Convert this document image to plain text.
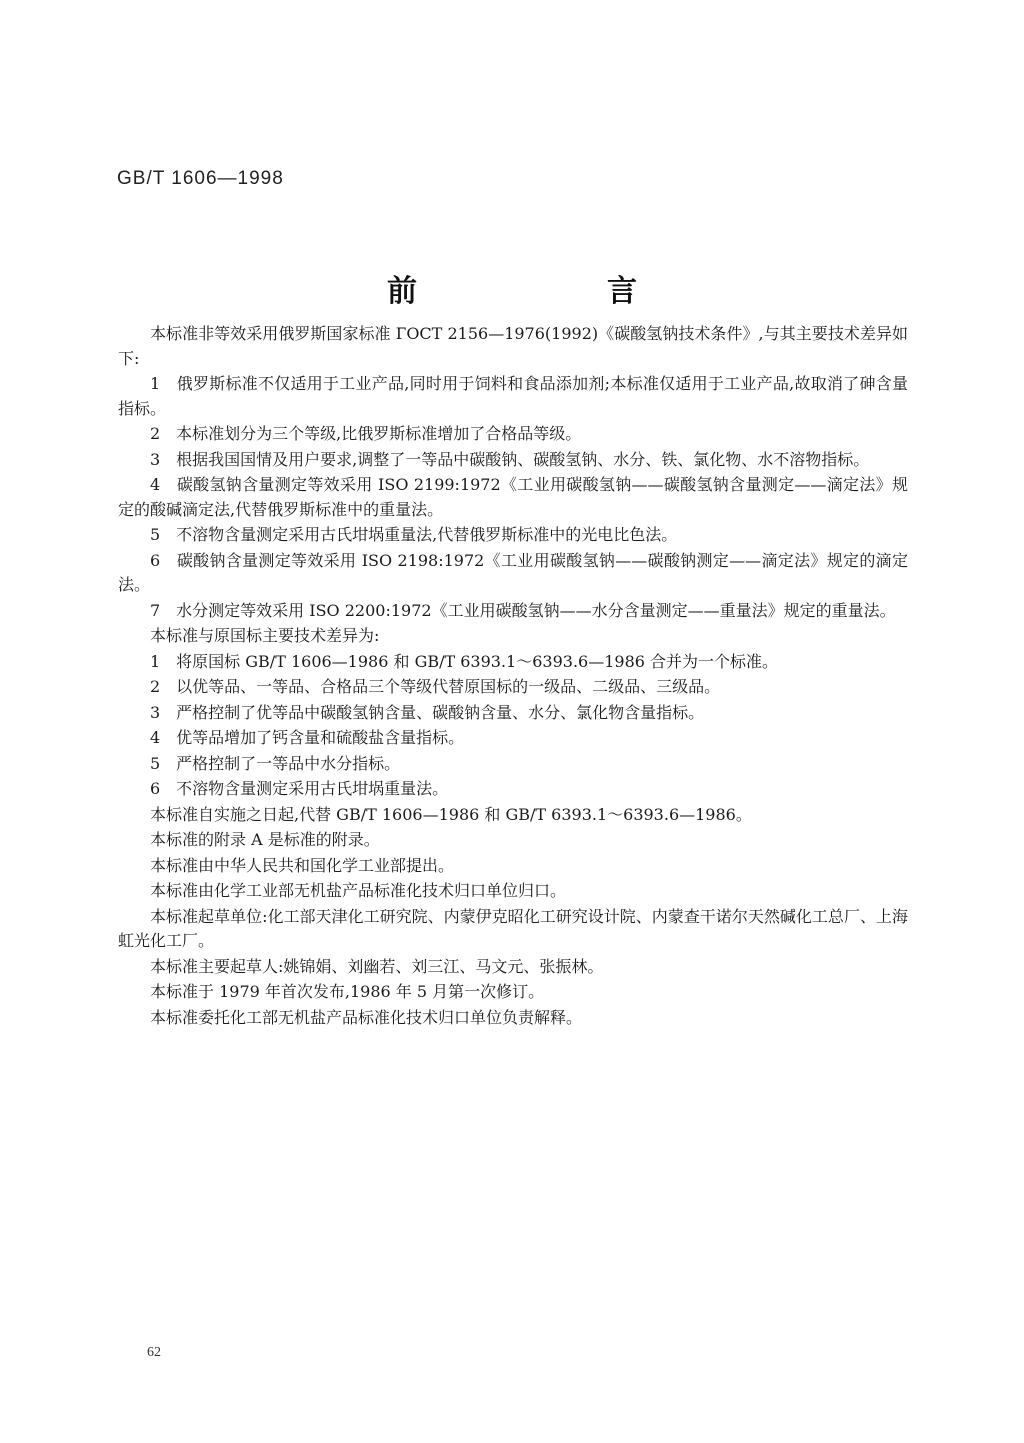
GB/T 1606—1998
前　言

本标准非等效采用俄罗斯国家标准 ГОСТ 2156—1976(1992)《碳酸氢钠技术条件》,与其主要技术差异如下:

1　俄罗斯标准不仅适用于工业产品,同时用于饲料和食品添加剂;本标准仅适用于工业产品,故取消了砷含量指标。

2　本标准划分为三个等级,比俄罗斯标准增加了合格品等级。

3　根据我国国情及用户要求,调整了一等品中碳酸钠、碳酸氢钠、水分、铁、氯化物、水不溶物指标。

4　碳酸氢钠含量测定等效采用 ISO 2199:1972《工业用碳酸氢钠——碳酸氢钠含量测定——滴定法》规定的酸碱滴定法,代替俄罗斯标准中的重量法。

5　不溶物含量测定采用古氏坩埚重量法,代替俄罗斯标准中的光电比色法。

6　碳酸钠含量测定等效采用 ISO 2198:1972《工业用碳酸氢钠——碳酸钠测定——滴定法》规定的滴定法。

7　水分测定等效采用 ISO 2200:1972《工业用碳酸氢钠——水分含量测定——重量法》规定的重量法。

本标准与原国标主要技术差异为:

1　将原国标 GB/T 1606—1986 和 GB/T 6393.1～6393.6—1986 合并为一个标准。

2　以优等品、一等品、合格品三个等级代替原国标的一级品、二级品、三级品。

3　严格控制了优等品中碳酸氢钠含量、碳酸钠含量、水分、氯化物含量指标。

4　优等品增加了钙含量和硫酸盐含量指标。

5　严格控制了一等品中水分指标。

6　不溶物含量测定采用古氏坩埚重量法。

本标准自实施之日起,代替 GB/T 1606—1986 和 GB/T 6393.1～6393.6—1986。

本标准的附录 A 是标准的附录。

本标准由中华人民共和国化学工业部提出。

本标准由化学工业部无机盐产品标准化技术归口单位归口。

本标准起草单位:化工部天津化工研究院、内蒙伊克昭化工研究设计院、内蒙查干诺尔天然碱化工总厂、上海虹光化工厂。

本标准主要起草人:姚锦娟、刘幽若、刘三江、马文元、张振林。

本标准于 1979 年首次发布,1986 年 5 月第一次修订。

本标准委托化工部无机盐产品标准化技术归口单位负责解释。

62
